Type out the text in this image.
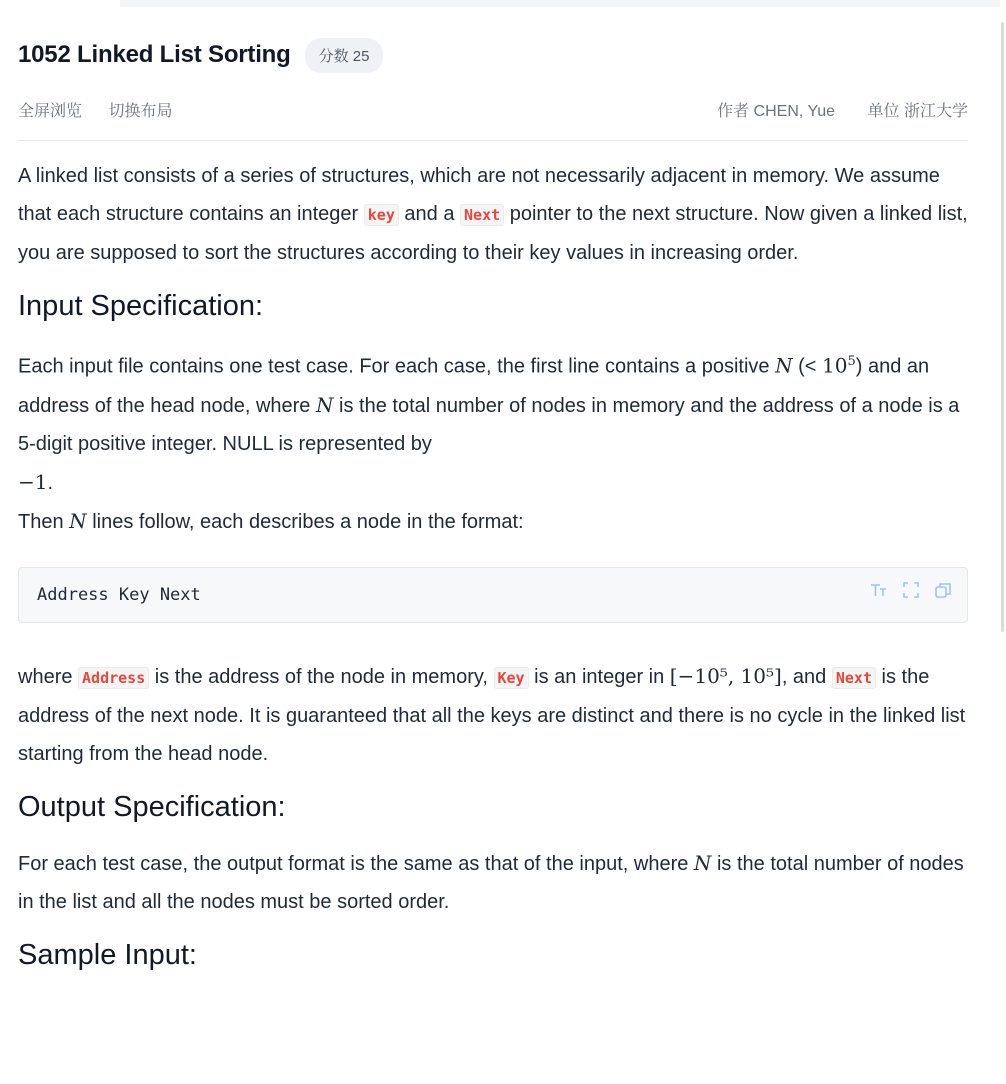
1052 Linked List Sorting	分数 25
全屏浏览 切换布局	作者 CHEN, Yue 单位 浙江大学

A linked list consists of a series of structures, which are not necessarily adjacent in memory. We assume that each structure contains an integer key and a Next pointer to the next structure. Now given a linked list, you are supposed to sort the structures according to their key values in increasing order.

Input Specification:

Each input file contains one test case. For each case, the first line contains a positive N (< $10^5$) and an address of the head node, where N is the total number of nodes in memory and the address of a node is a 5-digit positive integer. NULL is represented by
−1.

Then N lines follow, each describes a node in the format:

Address Key Next

where Address is the address of the node in memory, Key is an integer in [−10⁵, 10⁵], and Next is the address of the next node. It is guaranteed that all the keys are distinct and there is no cycle in the linked list starting from the head node.

Output Specification:

For each test case, the output format is the same as that of the input, where N is the total number of nodes in the list and all the nodes must be sorted order.

Sample Input:
